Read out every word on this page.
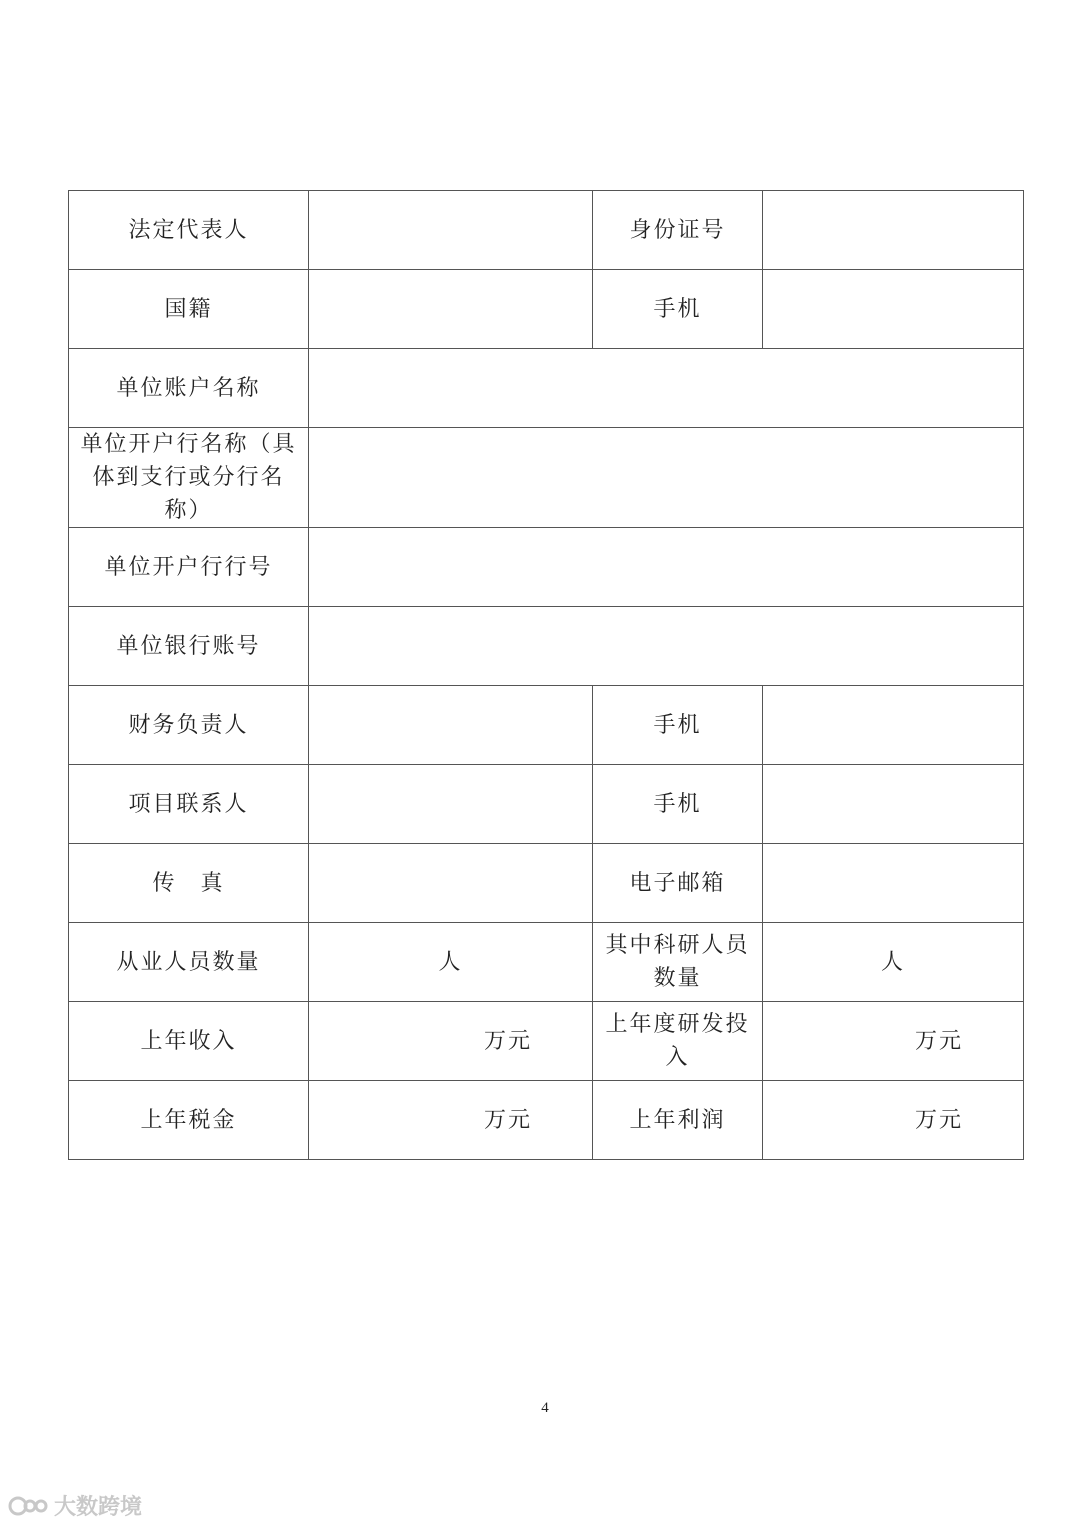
法定代表人		身份证号	
国籍		手机	
单位账户名称			
单位开户行名称（具体到支行或分行名称）			
单位开户行行号			
单位银行账号			
财务负责人		手机	
项目联系人		手机	
传　真		电子邮箱	
从业人员数量	人	其中科研人员数量	人
上年收入	万元	上年度研发投入	万元
上年税金	万元	上年利润	万元
4
大数跨境
